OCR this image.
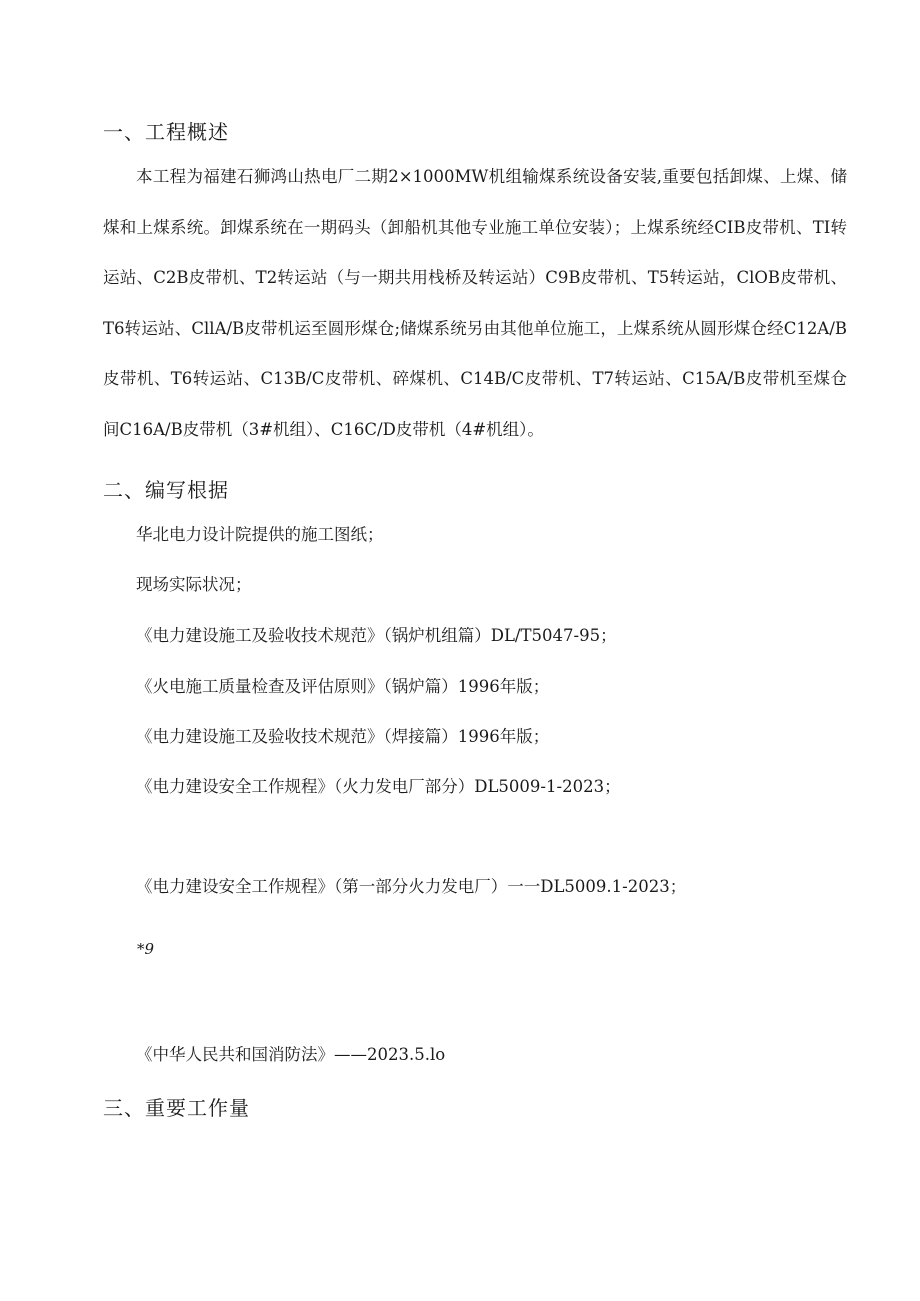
一、工程概述

本工程为福建石狮鸿山热电厂二期2×1000MW机组输煤系统设备安装,重要包括卸煤、上煤、储煤和上煤系统。卸煤系统在一期码头（卸船机其他专业施工单位安装）；上煤系统经CIB皮带机、TI转运站、C2B皮带机、T2转运站（与一期共用栈桥及转运站）C9B皮带机、T5转运站，ClOB皮带机、T6转运站、CllA/B皮带机运至圆形煤仓;储煤系统另由其他单位施工，上煤系统从圆形煤仓经C12A/B皮带机、T6转运站、C13B/C皮带机、碎煤机、C14B/C皮带机、T7转运站、C15A/B皮带机至煤仓间C16A/B皮带机（3#机组）、C16C/D皮带机（4#机组）。

二、编写根据
华北电力设计院提供的施工图纸；
现场实际状况；
《电力建设施工及验收技术规范》（锅炉机组篇）DL/T5047-95；
《火电施工质量检查及评估原则》（锅炉篇）1996年版；
《电力建设施工及验收技术规范》（焊接篇）1996年版；
《电力建设安全工作规程》（火力发电厂部分）DL5009-1-2023；
《电力建设安全工作规程》（第一部分火力发电厂）一一DL5009.1-2023；
*9
《中华人民共和国消防法》——2023.5.lo
三、重要工作量
